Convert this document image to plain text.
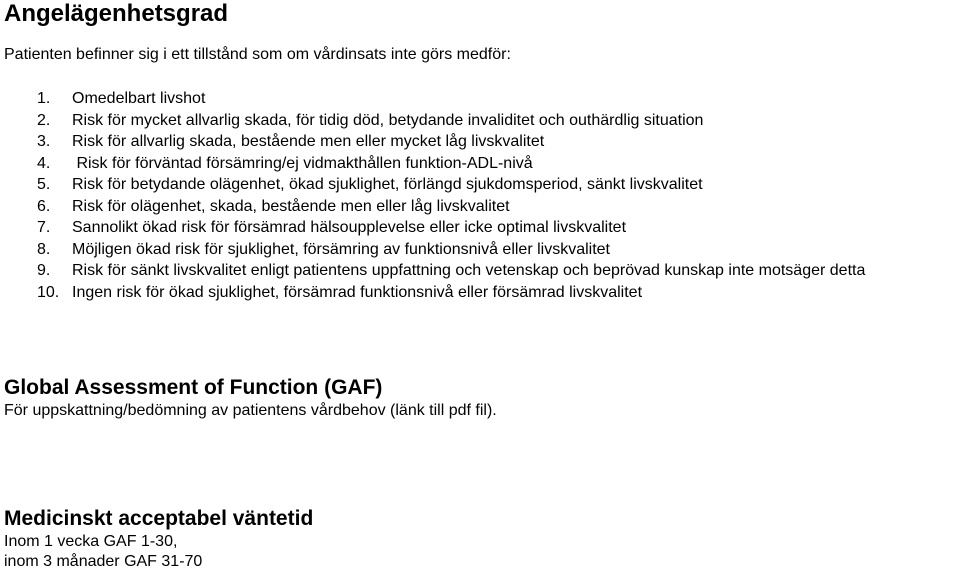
Angelägenhetsgrad
Patienten befinner sig i ett tillstånd som om vårdinsats inte görs medför:
1. Omedelbart livshot
2. Risk för mycket allvarlig skada, för tidig död, betydande invaliditet och outhärdlig situation
3. Risk för allvarlig skada, bestående men eller mycket låg livskvalitet
4. Risk för förväntad försämring/ej vidmakthållen funktion-ADL-nivå
5. Risk för betydande olägenhet, ökad sjuklighet, förlängd sjukdomsperiod, sänkt livskvalitet
6. Risk för olägenhet, skada, bestående men eller låg livskvalitet
7. Sannolikt ökad risk för försämrad hälsoupplevelse eller icke optimal livskvalitet
8. Möjligen ökad risk för sjuklighet, försämring av funktionsnivå eller livskvalitet
9. Risk för sänkt livskvalitet enligt patientens uppfattning och vetenskap och beprövad kunskap inte motsäger detta
10. Ingen risk för ökad sjuklighet, försämrad funktionsnivå eller försämrad livskvalitet
Global Assessment of Function (GAF)
För uppskattning/bedömning av patientens vårdbehov (länk till pdf fil).
Medicinskt acceptabel väntetid
Inom 1 vecka GAF 1-30,
inom 3 månader GAF 31-70
